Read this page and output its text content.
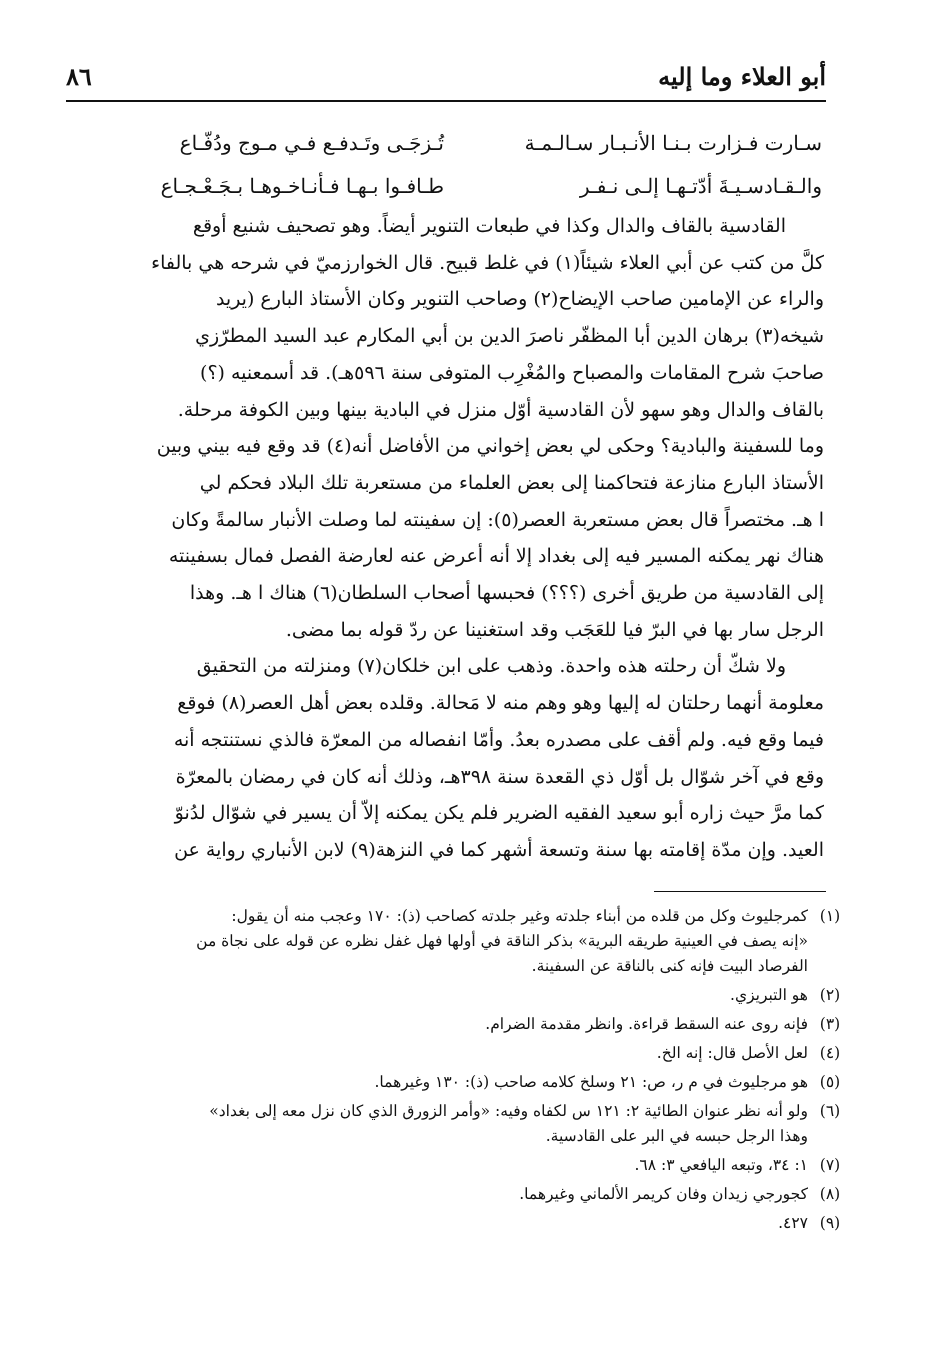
٨٦	أبو العلاء وما إليه
سـارت فـزارت بـنـا الأنـبـار سـالـمـة
تُـزجَـى وتَـدفـع فـي مـوج ودُفّـاع
والـقـادسـيـةَ أدّتـهـا إلـى نـفـر
طـافـوا بـهـا فـأنـاخـوهـا بـجَـعْـجـاع

القادسية بالقاف والدال وكذا في طبعات التنوير أيضاً. وهو تصحيف شنيع أوقع
كلَّ من كتب عن أبي العلاء شيئاً(١) في غلط قبيح. قال الخوارزميّ في شرحه هي بالفاء
والراء عن الإمامين صاحب الإيضاح(٢) وصاحب التنوير وكان الأستاذ البارع (يريد
شيخه(٣) برهان الدين أبا المظفّر ناصرَ الدين بن أبي المكارم عبد السيد المطرّزي
صاحبَ شرح المقامات والمصباح والمُغْرِب المتوفى سنة ٥٩٦هـ). قد أسمعنيه (؟)
بالقاف والدال وهو سهو لأن القادسية أوّل منزل في البادية بينها وبين الكوفة مرحلة.
وما للسفينة والبادية؟ وحكى لي بعض إخواني من الأفاضل أنه(٤) قد وقع فيه بيني وبين
الأستاذ البارع منازعة فتحاكمنا إلى بعض العلماء من مستعربة تلك البلاد فحكم لي
ا هـ. مختصراً قال بعض مستعربة العصر(٥): إن سفينته لما وصلت الأنبار سالمةً وكان
هناك نهر يمكنه المسير فيه إلى بغداد إلا أنه أعرض عنه لعارضة الفصل فمال بسفينته
إلى القادسية من طريق أخرى (؟؟؟) فحبسها أصحاب السلطان(٦) هناك ا هـ. وهذا
الرجل سار بها في البرّ فيا للعَجَب وقد استغنينا عن ردّ قوله بما مضى.

ولا شكّ أن رحلته هذه واحدة. وذهب على ابن خلكان(٧) ومنزلته من التحقيق
معلومة أنهما رحلتان له إليها وهو وهم منه لا مَحالة. وقلده بعض أهل العصر(٨) فوقع
فيما وقع فيه. ولم أقف على مصدره بعدُ. وأمّا انفصاله من المعرّة فالذي نستنتجه أنه
وقع في آخر شوّال بل أوّل ذي القعدة سنة ٣٩٨هـ، وذلك أنه كان في رمضان بالمعرّة
كما مرَّ حيث زاره أبو سعيد الفقيه الضرير فلم يكن يمكنه إلاّ أن يسير في شوّال لدُنوّ
العيد. وإن مدّة إقامته بها سنة وتسعة أشهر كما في النزهة(٩) لابن الأنباري رواية عن

(١)
كمرجليوث وكل من قلده من أبناء جلدته وغير جلدته كصاحب (ذ): ١٧٠ وعجب منه أن يقول:
«إنه يصف في العينية طريقه البرية» بذكر الناقة في أولها فهل غفل نظره عن قوله على نجاة من
الفرصاد البيت فإنه كنى بالناقة عن السفينة.
(٢)
هو التبريزي.
(٣)
فإنه روى عنه السقط قراءة. وانظر مقدمة الضرام.
(٤)
لعل الأصل قال: إنه الخ.
(٥)
هو مرجليوث في م ر، ص: ٢١ وسلخ كلامه صاحب (ذ): ١٣٠ وغيرهما.
(٦)
ولو أنه نظر عنوان الطائية ٢: ١٢١ س لكفاه وفيه: «وأمر الزورق الذي كان نزل معه إلى بغداد»
وهذا الرجل حبسه في البر على القادسية.
(٧)
١: ٣٤، وتبعه اليافعي ٣: ٦٨.
(٨)
كجورجي زيدان وفان كريمر الألماني وغيرهما.
(٩)
٤٢٧.
